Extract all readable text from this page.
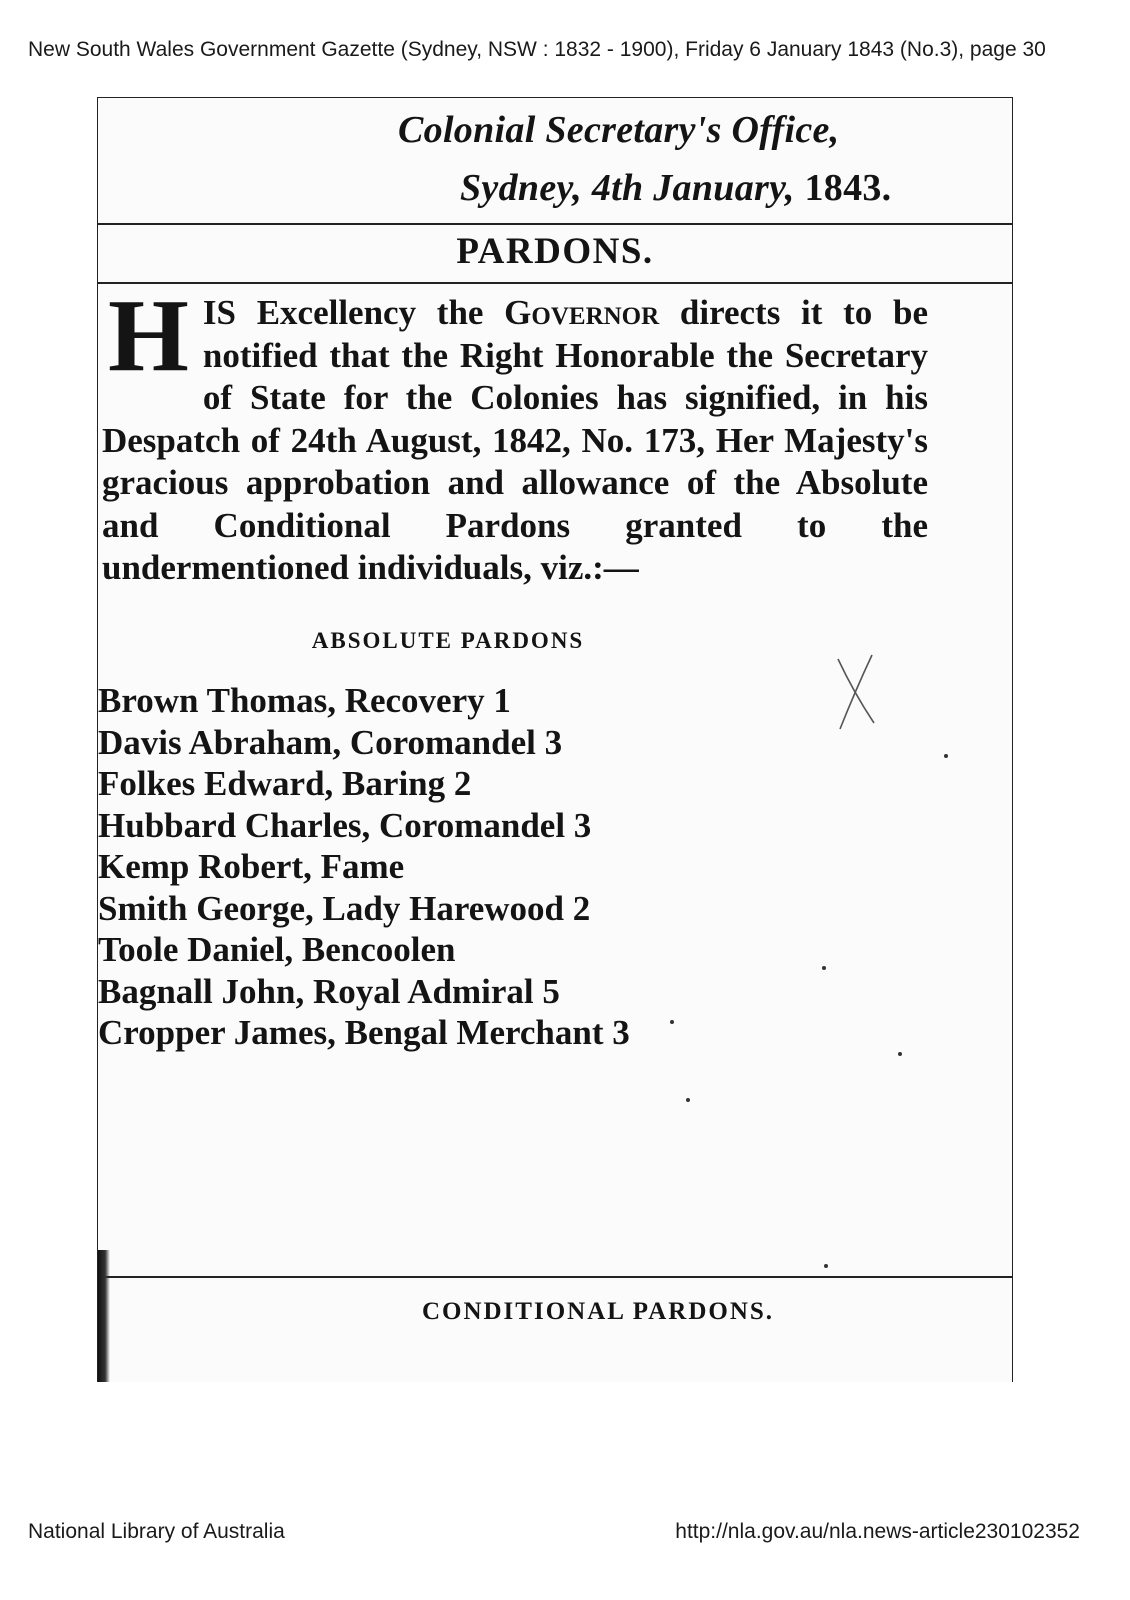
New South Wales Government Gazette (Sydney, NSW : 1832 - 1900), Friday 6 January 1843 (No.3), page 30
Colonial Secretary's Office,
Sydney, 4th January, 1843.
PARDONS.
HIS Excellency the Governor directs it to be notified that the Right Honorable the Secretary of State for the Colonies has signified, in his Despatch of 24th August, 1842, No. 173, Her Majesty's gracious approbation and allowance of the Absolute and Conditional Pardons granted to the undermentioned individuals, viz.:—
ABSOLUTE PARDONS
Brown Thomas, Recovery 1
Davis Abraham, Coromandel 3
Folkes Edward, Baring 2
Hubbard Charles, Coromandel 3
Kemp Robert, Fame
Smith George, Lady Harewood 2
Toole Daniel, Bencoolen
Bagnall John, Royal Admiral 5
Cropper James, Bengal Merchant 3
CONDITIONAL PARDONS.
National Library of Australia	http://nla.gov.au/nla.news-article230102352
